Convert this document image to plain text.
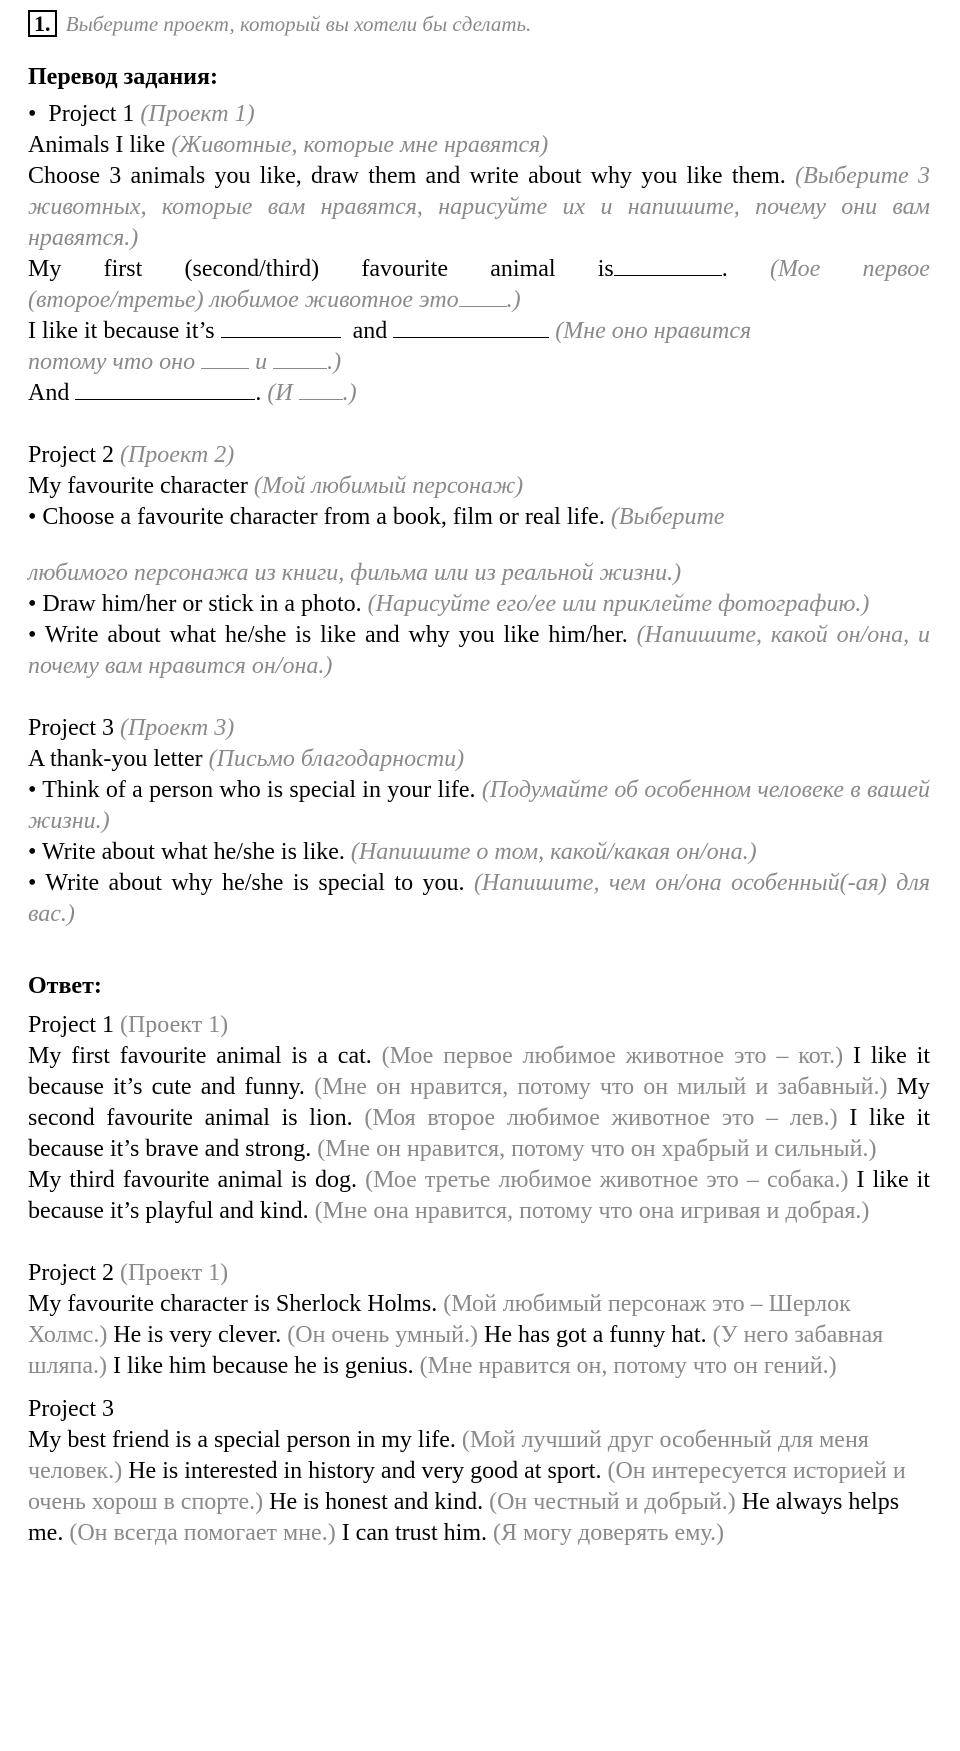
1. Выберите проект, который вы хотели бы сделать.

Перевод задания:

• Project 1 (Проект 1)

Animals I like (Животные, которые мне нравятся)

Choose 3 animals you like, draw them and write about why you like them. (Выберите 3 животных, которые вам нравятся, нарисуйте их и напишите, почему они вам нравятся.)

My first (second/third) favourite animal is	. (Мое первое

(второе/третье) любимое животное это .)

I like it because it’s	and	(Мне оно нравится

потому что оно	и	.)

And	. (И .)

Project 2 (Проект 2)

My favourite character (Мой любимый персонаж)

• Choose a favourite character from a book, film or real life. (Выберите

любимого персонажа из книги, фильма или из реальной жизни.)

• Draw him/her or stick in a photo. (Нарисуйте его/ее или приклейте фотографию.)

• Write about what he/she is like and why you like him/her. (Напишите, какой он/она, и почему вам нравится он/она.)

Project 3 (Проект 3)

A thank-you letter (Письмо благодарности)

• Think of a person who is special in your life. (Подумайте об особенном человеке в вашей жизни.)

• Write about what he/she is like. (Напишите о том, какой/какая он/она.)

• Write about why he/she is special to you. (Напишите, чем он/она особенный(-ая) для вас.)

Ответ:

Project 1 (Проект 1)

My first favourite animal is a cat. (Мое первое любимое животное это – кот.) I like it because it’s cute and funny. (Мне он нравится, потому что он милый и забавный.) My second favourite animal is lion. (Моя второе любимое животное это – лев.) I like it because it’s brave and strong. (Мне он нравится, потому что он храбрый и сильный.)

My third favourite animal is dog. (Мое третье любимое животное это – собака.) I like it because it’s playful and kind. (Мне она нравится, потому что она игривая и добрая.)

Project 2 (Проект 1)

My favourite character is Sherlock Holms. (Мой любимый персонаж это – Шерлок Холмс.) He is very clever. (Он очень умный.) He has got a funny hat. (У него забавная шляпа.) I like him because he is genius. (Мне нравится он, потому что он гений.)

Project 3

My best friend is a special person in my life. (Мой лучший друг особенный для меня человек.) He is interested in history and very good at sport. (Он интересуется историей и очень хорош в спорте.) He is honest and kind. (Он честный и добрый.) He always helps me. (Он всегда помогает мне.) I can trust him. (Я могу доверять ему.)
